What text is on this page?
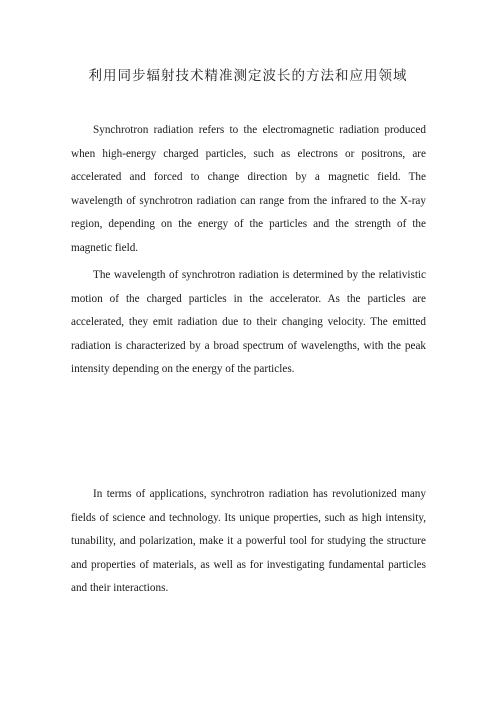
利用同步辐射技术精准测定波长的方法和应用领域

Synchrotron radiation refers to the electromagnetic radiation produced when high-energy charged particles, such as electrons or positrons, are accelerated and forced to change direction by a magnetic field. The wavelength of synchrotron radiation can range from the infrared to the X-ray region, depending on the energy of the particles and the strength of the magnetic field.

The wavelength of synchrotron radiation is determined by the relativistic motion of the charged particles in the accelerator. As the particles are accelerated, they emit radiation due to their changing velocity. The emitted radiation is characterized by a broad spectrum of wavelengths, with the peak intensity depending on the energy of the particles.

In terms of applications, synchrotron radiation has revolutionized many fields of science and technology. Its unique properties, such as high intensity, tunability, and polarization, make it a powerful tool for studying the structure and properties of materials, as well as for investigating fundamental particles and their interactions.
